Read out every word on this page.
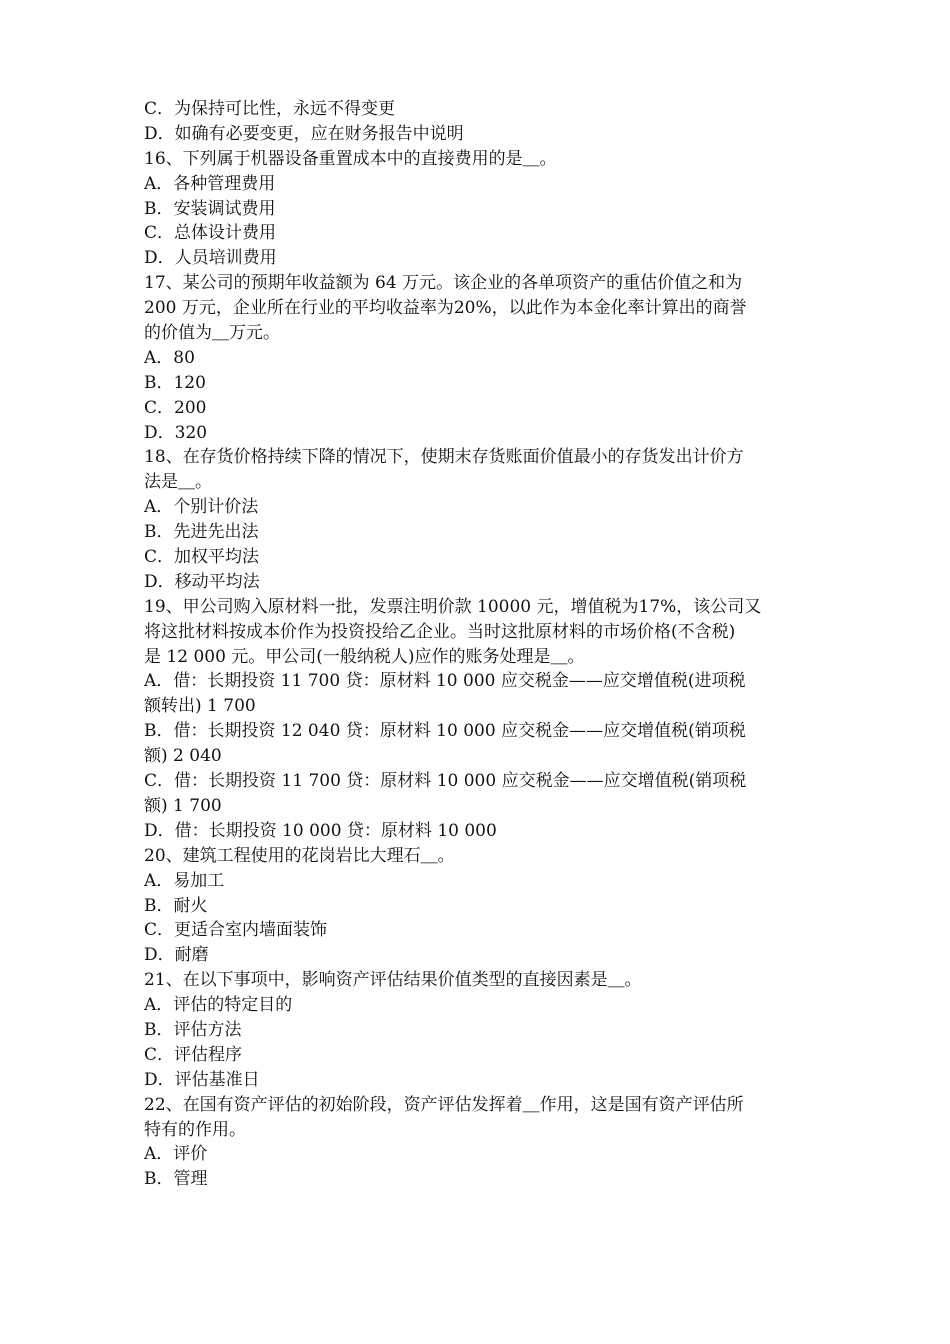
C．为保持可比性，永远不得变更
D．如确有必要变更，应在财务报告中说明
16、下列属于机器设备重置成本中的直接费用的是＿。
A．各种管理费用
B．安装调试费用
C．总体设计费用
D．人员培训费用
17、某公司的预期年收益额为 64 万元。该企业的各单项资产的重估价值之和为
200 万元，企业所在行业的平均收益率为20%，以此作为本金化率计算出的商誉
的价值为＿万元。
A．80
B．120
C．200
D．320
18、在存货价格持续下降的情况下，使期末存货账面价值最小的存货发出计价方
法是＿。
A．个别计价法
B．先进先出法
C．加权平均法
D．移动平均法
19、甲公司购入原材料一批，发票注明价款 10000 元，增值税为17%，该公司又
将这批材料按成本价作为投资投给乙企业。当时这批原材料的市场价格(不含税)
是 12 000 元。甲公司(一般纳税人)应作的账务处理是＿。
A．借：长期投资 11 700 贷：原材料 10 000 应交税金——应交增值税(进项税
额转出) 1 700
B．借：长期投资 12 040 贷：原材料 10 000 应交税金——应交增值税(销项税
额) 2 040
C．借：长期投资 11 700 贷：原材料 10 000 应交税金——应交增值税(销项税
额) 1 700
D．借：长期投资 10 000 贷：原材料 10 000
20、建筑工程使用的花岗岩比大理石＿。
A．易加工
B．耐火
C．更适合室内墙面装饰
D．耐磨
21、在以下事项中，影响资产评估结果价值类型的直接因素是＿。
A．评估的特定目的
B．评估方法
C．评估程序
D．评估基准日
22、在国有资产评估的初始阶段，资产评估发挥着＿作用，这是国有资产评估所
特有的作用。
A．评价
B．管理
